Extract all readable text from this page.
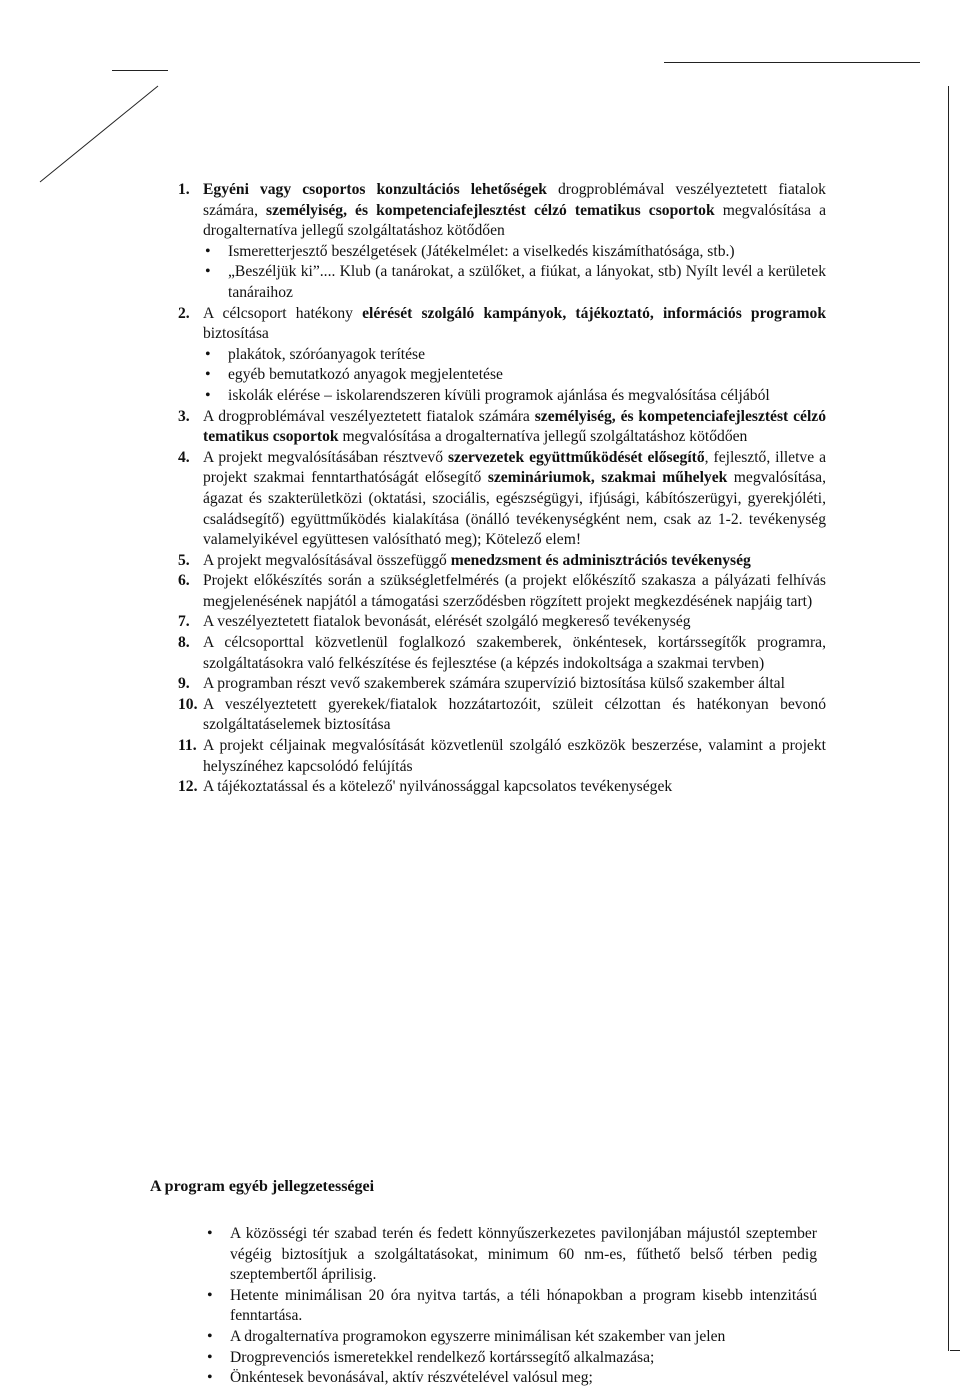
1. Egyéni vagy csoportos konzultációs lehetőségek drogproblémával veszélyeztetett fiatalok számára, személyiség, és kompetenciafejlesztést célzó tematikus csoportok megvalósítása a drogalternatíva jellegű szolgáltatáshoz kötődően
• Ismeretterjesztő beszélgetések (Játékelmélet: a viselkedés kiszámíthatósága, stb.)
• „Beszéljük ki”.... Klub (a tanárokat, a szülőket, a fiúkat, a lányokat, stb) Nyílt levél a kerületek tanáraihoz
2. A célcsoport hatékony elérését szolgáló kampányok, tájékoztató, információs programok biztosítása
• plakátok, szóróanyagok terítése
• egyéb bemutatkozó anyagok megjelentetése
• iskolák elérése – iskolarendszeren kívüli programok ajánlása és megvalósítása céljából
3. A drogproblémával veszélyeztetett fiatalok számára személyiség, és kompetenciafejlesztést célzó tematikus csoportok megvalósítása a drogalternatíva jellegű szolgáltatáshoz kötődően
4. A projekt megvalósításában résztvevő szervezetek együttműködését elősegítő, fejlesztő, illetve a projekt szakmai fenntarthatóságát elősegítő szemináriumok, szakmai műhelyek megvalósítása, ágazat és szakterületközi (oktatási, szociális, egészségügyi, ifjúsági, kábítószerügyi, gyerekjóléti, családsegítő) együttműködés kialakítása (önálló tevékenységként nem, csak az 1-2. tevékenység valamelyikével együttesen valósítható meg); Kötelező elem!
5. A projekt megvalósításával összefüggő menedzsment és adminisztrációs tevékenység
6. Projekt előkészítés során a szükségletfelmérés (a projekt előkészítő szakasza a pályázati felhívás megjelenésének napjától a támogatási szerződésben rögzített projekt megkezdésének napjáig tart)
7. A veszélyeztetett fiatalok bevonását, elérését szolgáló megkereső tevékenység
8. A célcsoporttal közvetlenül foglalkozó szakemberek, önkéntesek, kortárssegítők programra, szolgáltatásokra való felkészítése és fejlesztése (a képzés indokoltsága a szakmai tervben)
9. A programban részt vevő szakemberek számára szupervízió biztosítása külső szakember által
10. A veszélyeztetett gyerekek/fiatalok hozzátartozóit, szüleit célzottan és hatékonyan bevonó szolgáltatáselemek biztosítása
11. A projekt céljainak megvalósítását közvetlenül szolgáló eszközök beszerzése, valamint a projekt helyszínéhez kapcsolódó felújítás
12. A tájékoztatással és a kötelező' nyilvánossággal kapcsolatos tevékenységek
A program egyéb jellegzetességei
• A közösségi tér szabad terén és fedett könnyűszerkezetes pavilonjában májustól szeptember végéig biztosítjuk a szolgáltatásokat, minimum 60 nm-es, fűthető belső térben pedig szeptembertől áprilisig.
• Hetente minimálisan 20 óra nyitva tartás, a téli hónapokban a program kisebb intenzitású fenntartása.
• A drogalternatíva programokon egyszerre minimálisan két szakember van jelen
• Drogprevenciós ismeretekkel rendelkező kortárssegítő alkalmazása;
• Önkéntesek bevonásával, aktív részvételével valósul meg;
